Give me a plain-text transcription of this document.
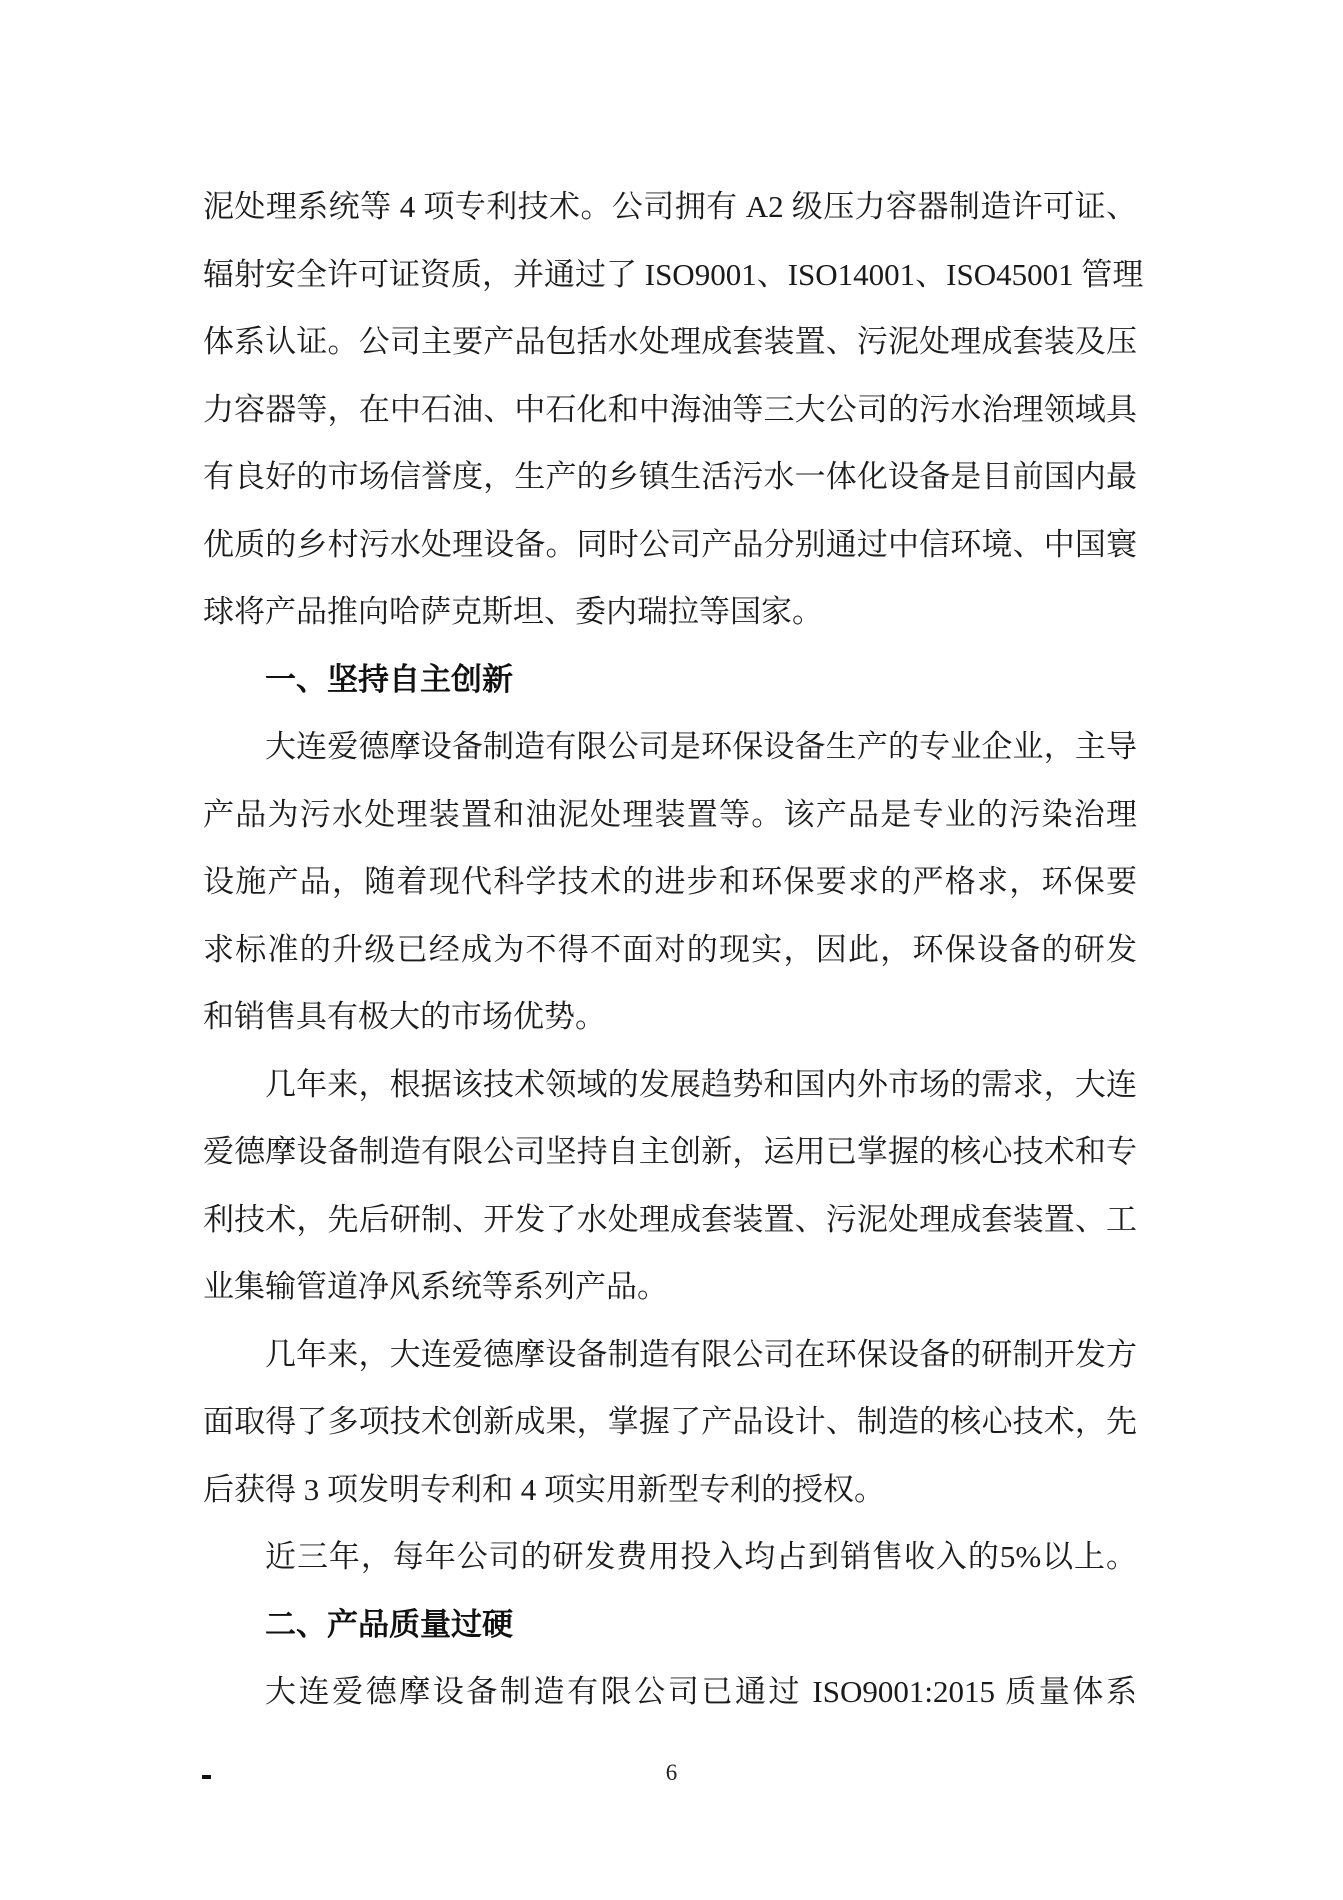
泥处理系统等 4 项专利技术。公司拥有 A2 级压力容器制造许可证、
辐射安全许可证资质，并通过了 ISO9001、ISO14001、ISO45001 管理
体系认证。公司主要产品包括水处理成套装置、污泥处理成套装及压
力容器等，在中石油、中石化和中海油等三大公司的污水治理领域具
有良好的市场信誉度，生产的乡镇生活污水一体化设备是目前国内最
优质的乡村污水处理设备。同时公司产品分别通过中信环境、中国寰
球将产品推向哈萨克斯坦、委内瑞拉等国家。
一、坚持自主创新
大连爱德摩设备制造有限公司是环保设备生产的专业企业，主导
产品为污水处理装置和油泥处理装置等。该产品是专业的污染治理
设施产品，随着现代科学技术的进步和环保要求的严格求，环保要
求标准的升级已经成为不得不面对的现实，因此，环保设备的研发
和销售具有极大的市场优势。
几年来，根据该技术领域的发展趋势和国内外市场的需求，大连
爱德摩设备制造有限公司坚持自主创新，运用已掌握的核心技术和专
利技术，先后研制、开发了水处理成套装置、污泥处理成套装置、工
业集输管道净风系统等系列产品。
几年来，大连爱德摩设备制造有限公司在环保设备的研制开发方
面取得了多项技术创新成果，掌握了产品设计、制造的核心技术，先
后获得 3 项发明专利和 4 项实用新型专利的授权。
近三年，每年公司的研发费用投入均占到销售收入的5%以上。
二、产品质量过硬
大连爱德摩设备制造有限公司已通过 ISO9001:2015 质量体系
6
